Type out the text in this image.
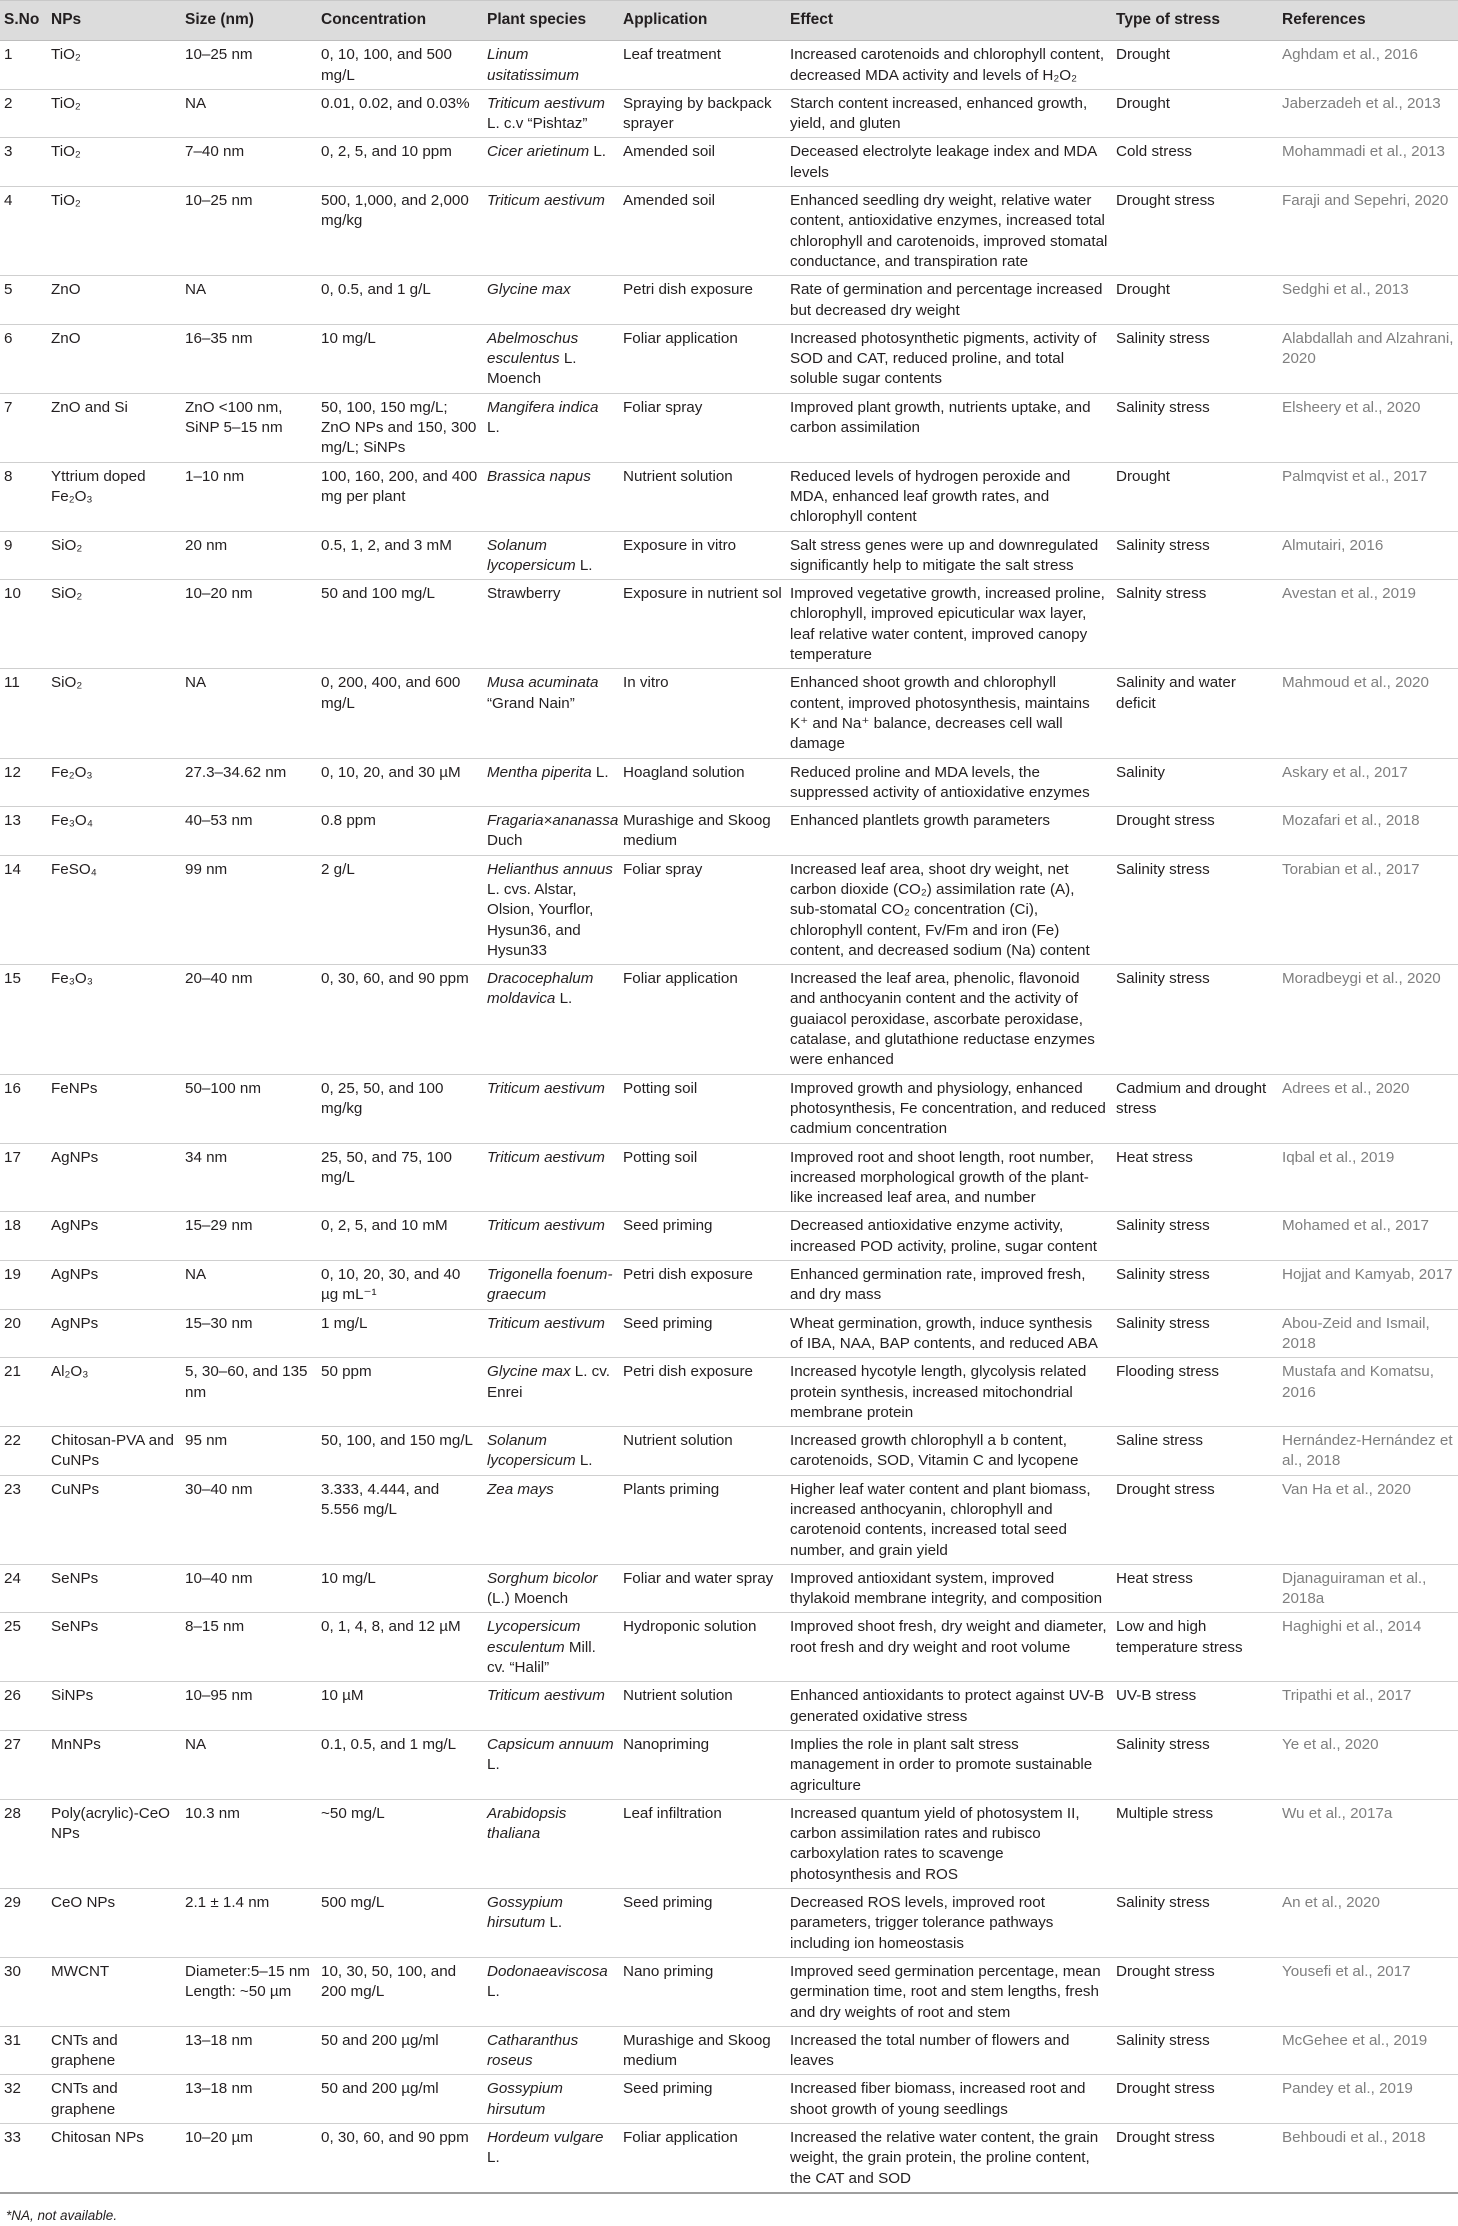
S.No	NPs	Size (nm)	Concentration	Plant species	Application	Effect	Type of stress	References
1	TiO₂	10–25 nm	0, 10, 100, and 500 mg/L	Linum usitatissimum	Leaf treatment	Increased carotenoids and chlorophyll content, decreased MDA activity and levels of H₂O₂	Drought	Aghdam et al., 2016
2	TiO₂	NA	0.01, 0.02, and 0.03%	Triticum aestivum L. c.v “Pishtaz”	Spraying by backpack sprayer	Starch content increased, enhanced growth, yield, and gluten	Drought	Jaberzadeh et al., 2013
3	TiO₂	7–40 nm	0, 2, 5, and 10 ppm	Cicer arietinum L.	Amended soil	Deceased electrolyte leakage index and MDA levels	Cold stress	Mohammadi et al., 2013
4	TiO₂	10–25 nm	500, 1,000, and 2,000 mg/kg	Triticum aestivum	Amended soil	Enhanced seedling dry weight, relative water content, antioxidative enzymes, increased total chlorophyll and carotenoids, improved stomatal conductance, and transpiration rate	Drought stress	Faraji and Sepehri, 2020
5	ZnO	NA	0, 0.5, and 1 g/L	Glycine max	Petri dish exposure	Rate of germination and percentage increased but decreased dry weight	Drought	Sedghi et al., 2013
6	ZnO	16–35 nm	10 mg/L	Abelmoschus esculentus L. Moench	Foliar application	Increased photosynthetic pigments, activity of SOD and CAT, reduced proline, and total soluble sugar contents	Salinity stress	Alabdallah and Alzahrani, 2020
7	ZnO and Si	ZnO <100 nm, SiNP 5–15 nm	50, 100, 150 mg/L; ZnO NPs and 150, 300 mg/L; SiNPs	Mangifera indica L.	Foliar spray	Improved plant growth, nutrients uptake, and carbon assimilation	Salinity stress	Elsheery et al., 2020
8	Yttrium doped Fe₂O₃	1–10 nm	100, 160, 200, and 400 mg per plant	Brassica napus	Nutrient solution	Reduced levels of hydrogen peroxide and MDA, enhanced leaf growth rates, and chlorophyll content	Drought	Palmqvist et al., 2017
9	SiO₂	20 nm	0.5, 1, 2, and 3 mM	Solanum lycopersicum L.	Exposure in vitro	Salt stress genes were up and downregulated significantly help to mitigate the salt stress	Salinity stress	Almutairi, 2016
10	SiO₂	10–20 nm	50 and 100 mg/L	Strawberry	Exposure in nutrient sol	Improved vegetative growth, increased proline, chlorophyll, improved epicuticular wax layer, leaf relative water content, improved canopy temperature	Salnity stress	Avestan et al., 2019
11	SiO₂	NA	0, 200, 400, and 600 mg/L	Musa acuminata “Grand Nain”	In vitro	Enhanced shoot growth and chlorophyll content, improved photosynthesis, maintains K⁺ and Na⁺ balance, decreases cell wall damage	Salinity and water deficit	Mahmoud et al., 2020
12	Fe₂O₃	27.3–34.62 nm	0, 10, 20, and 30 µM	Mentha piperita L.	Hoagland solution	Reduced proline and MDA levels, the suppressed activity of antioxidative enzymes	Salinity	Askary et al., 2017
13	Fe₃O₄	40–53 nm	0.8 ppm	Fragaria×ananassa Duch	Murashige and Skoog medium	Enhanced plantlets growth parameters	Drought stress	Mozafari et al., 2018
14	FeSO₄	99 nm	2 g/L	Helianthus annuus L. cvs. Alstar, Olsion, Yourflor, Hysun36, and Hysun33	Foliar spray	Increased leaf area, shoot dry weight, net carbon dioxide (CO₂) assimilation rate (A), sub-stomatal CO₂ concentration (Ci), chlorophyll content, Fv/Fm and iron (Fe) content, and decreased sodium (Na) content	Salinity stress	Torabian et al., 2017
15	Fe₃O₃	20–40 nm	0, 30, 60, and 90 ppm	Dracocephalum moldavica L.	Foliar application	Increased the leaf area, phenolic, flavonoid and anthocyanin content and the activity of guaiacol peroxidase, ascorbate peroxidase, catalase, and glutathione reductase enzymes were enhanced	Salinity stress	Moradbeygi et al., 2020
16	FeNPs	50–100 nm	0, 25, 50, and 100 mg/kg	Triticum aestivum	Potting soil	Improved growth and physiology, enhanced photosynthesis, Fe concentration, and reduced cadmium concentration	Cadmium and drought stress	Adrees et al., 2020
17	AgNPs	34 nm	25, 50, and 75, 100 mg/L	Triticum aestivum	Potting soil	Improved root and shoot length, root number, increased morphological growth of the plant-like increased leaf area, and number	Heat stress	Iqbal et al., 2019
18	AgNPs	15–29 nm	0, 2, 5, and 10 mM	Triticum aestivum	Seed priming	Decreased antioxidative enzyme activity, increased POD activity, proline, sugar content	Salinity stress	Mohamed et al., 2017
19	AgNPs	NA	0, 10, 20, 30, and 40 µg mL⁻¹	Trigonella foenum-graecum	Petri dish exposure	Enhanced germination rate, improved fresh, and dry mass	Salinity stress	Hojjat and Kamyab, 2017
20	AgNPs	15–30 nm	1 mg/L	Triticum aestivum	Seed priming	Wheat germination, growth, induce synthesis of IBA, NAA, BAP contents, and reduced ABA	Salinity stress	Abou-Zeid and Ismail, 2018
21	Al₂O₃	5, 30–60, and 135 nm	50 ppm	Glycine max L. cv. Enrei	Petri dish exposure	Increased hycotyle length, glycolysis related protein synthesis, increased mitochondrial membrane protein	Flooding stress	Mustafa and Komatsu, 2016
22	Chitosan-PVA and CuNPs	95 nm	50, 100, and 150 mg/L	Solanum lycopersicum L.	Nutrient solution	Increased growth chlorophyll a b content, carotenoids, SOD, Vitamin C and lycopene	Saline stress	Hernández-Hernández et al., 2018
23	CuNPs	30–40 nm	3.333, 4.444, and 5.556 mg/L	Zea mays	Plants priming	Higher leaf water content and plant biomass, increased anthocyanin, chlorophyll and carotenoid contents, increased total seed number, and grain yield	Drought stress	Van Ha et al., 2020
24	SeNPs	10–40 nm	10 mg/L	Sorghum bicolor (L.) Moench	Foliar and water spray	Improved antioxidant system, improved thylakoid membrane integrity, and composition	Heat stress	Djanaguiraman et al., 2018a
25	SeNPs	8–15 nm	0, 1, 4, 8, and 12 µM	Lycopersicum esculentum Mill. cv. “Halil”	Hydroponic solution	Improved shoot fresh, dry weight and diameter, root fresh and dry weight and root volume	Low and high temperature stress	Haghighi et al., 2014
26	SiNPs	10–95 nm	10 µM	Triticum aestivum	Nutrient solution	Enhanced antioxidants to protect against UV-B generated oxidative stress	UV-B stress	Tripathi et al., 2017
27	MnNPs	NA	0.1, 0.5, and 1 mg/L	Capsicum annuum L.	Nanopriming	Implies the role in plant salt stress management in order to promote sustainable agriculture	Salinity stress	Ye et al., 2020
28	Poly(acrylic)-CeO NPs	10.3 nm	~50 mg/L	Arabidopsis thaliana	Leaf infiltration	Increased quantum yield of photosystem II, carbon assimilation rates and rubisco carboxylation rates to scavenge photosynthesis and ROS	Multiple stress	Wu et al., 2017a
29	CeO NPs	2.1 ± 1.4 nm	500 mg/L	Gossypium hirsutum L.	Seed priming	Decreased ROS levels, improved root parameters, trigger tolerance pathways including ion homeostasis	Salinity stress	An et al., 2020
30	MWCNT	Diameter:5–15 nm Length: ~50 µm	10, 30, 50, 100, and 200 mg/L	Dodonaeaviscosa L.	Nano priming	Improved seed germination percentage, mean germination time, root and stem lengths, fresh and dry weights of root and stem	Drought stress	Yousefi et al., 2017
31	CNTs and graphene	13–18 nm	50 and 200 µg/ml	Catharanthus roseus	Murashige and Skoog medium	Increased the total number of flowers and leaves	Salinity stress	McGehee et al., 2019
32	CNTs and graphene	13–18 nm	50 and 200 µg/ml	Gossypium hirsutum	Seed priming	Increased fiber biomass, increased root and shoot growth of young seedlings	Drought stress	Pandey et al., 2019
33	Chitosan NPs	10–20 µm	0, 30, 60, and 90 ppm	Hordeum vulgare L.	Foliar application	Increased the relative water content, the grain weight, the grain protein, the proline content, the CAT and SOD	Drought stress	Behboudi et al., 2018
*NA, not available.
